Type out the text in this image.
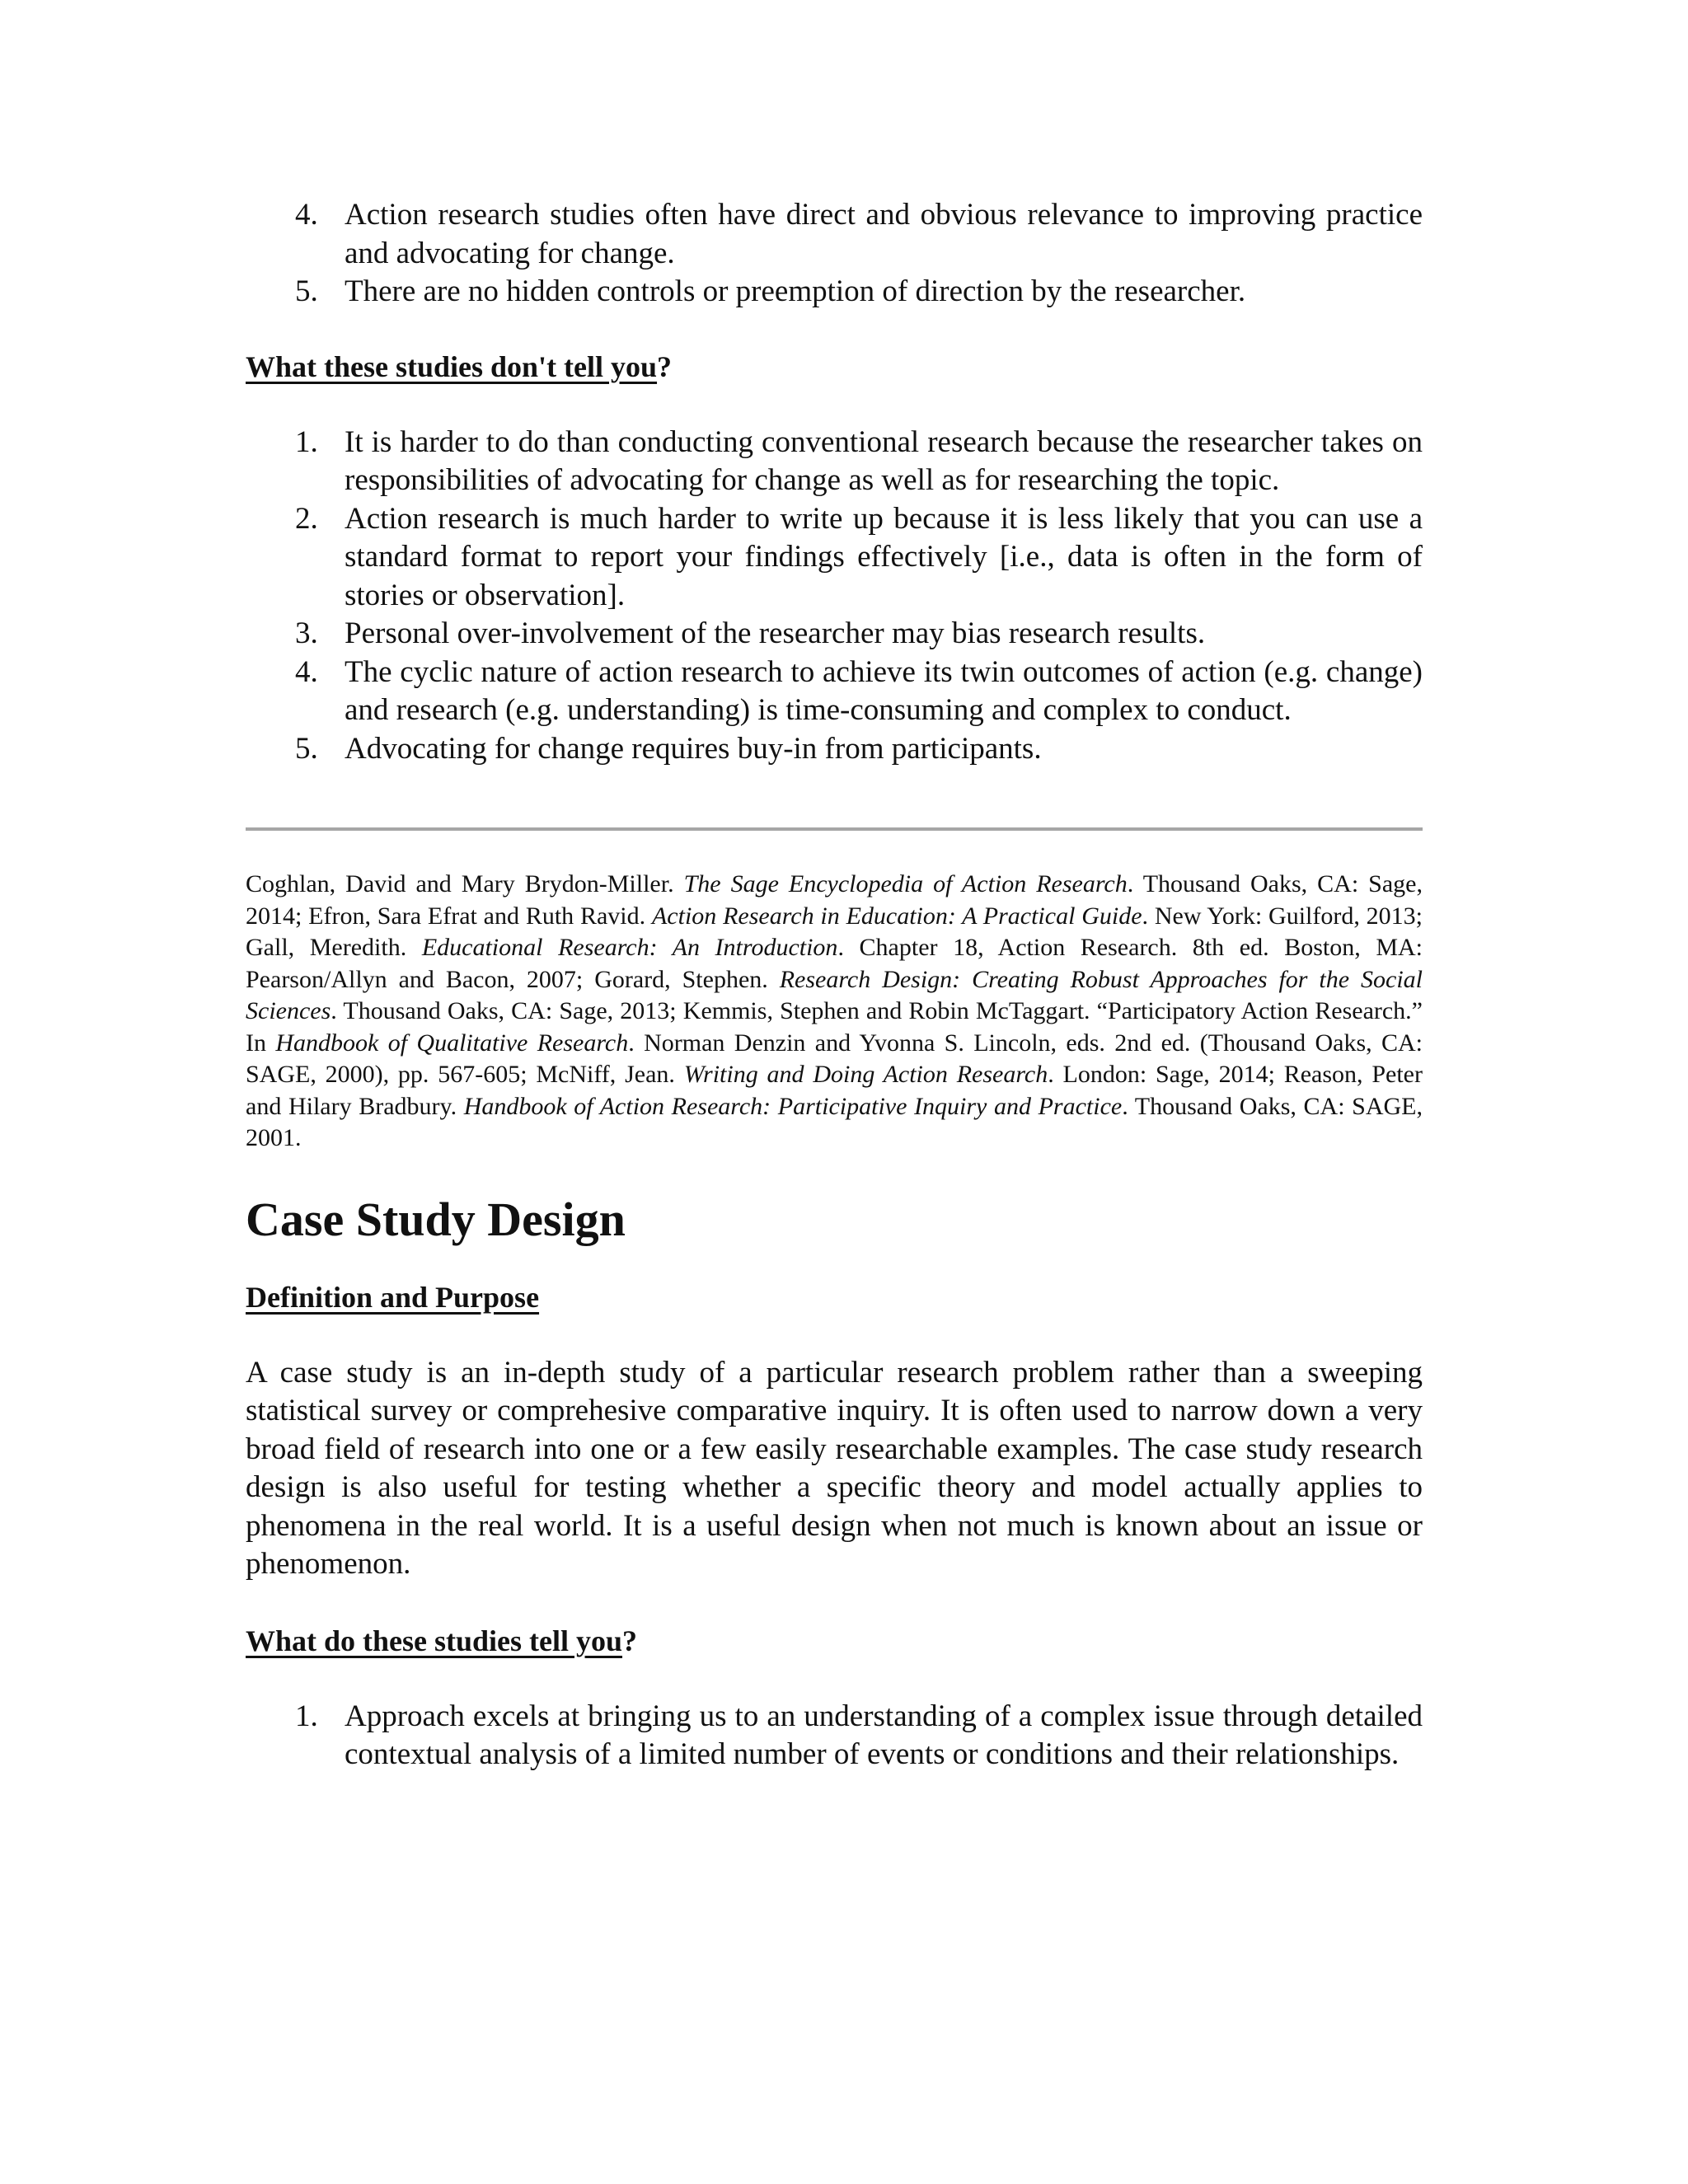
4. Action research studies often have direct and obvious relevance to improving practice and advocating for change.
5. There are no hidden controls or preemption of direction by the researcher.
What these studies don't tell you?
1. It is harder to do than conducting conventional research because the researcher takes on responsibilities of advocating for change as well as for researching the topic.
2. Action research is much harder to write up because it is less likely that you can use a standard format to report your findings effectively [i.e., data is often in the form of stories or observation].
3. Personal over-involvement of the researcher may bias research results.
4. The cyclic nature of action research to achieve its twin outcomes of action (e.g. change) and research (e.g. understanding) is time-consuming and complex to conduct.
5. Advocating for change requires buy-in from participants.
Coghlan, David and Mary Brydon-Miller. The Sage Encyclopedia of Action Research. Thousand Oaks, CA: Sage, 2014; Efron, Sara Efrat and Ruth Ravid. Action Research in Education: A Practical Guide. New York: Guilford, 2013; Gall, Meredith. Educational Research: An Introduction. Chapter 18, Action Research. 8th ed. Boston, MA: Pearson/Allyn and Bacon, 2007; Gorard, Stephen. Research Design: Creating Robust Approaches for the Social Sciences. Thousand Oaks, CA: Sage, 2013; Kemmis, Stephen and Robin McTaggart. “Participatory Action Research.” In Handbook of Qualitative Research. Norman Denzin and Yvonna S. Lincoln, eds. 2nd ed. (Thousand Oaks, CA: SAGE, 2000), pp. 567-605; McNiff, Jean. Writing and Doing Action Research. London: Sage, 2014; Reason, Peter and Hilary Bradbury. Handbook of Action Research: Participative Inquiry and Practice. Thousand Oaks, CA: SAGE, 2001.
Case Study Design
Definition and Purpose

A case study is an in-depth study of a particular research problem rather than a sweeping statistical survey or comprehesive comparative inquiry. It is often used to narrow down a very broad field of research into one or a few easily researchable examples. The case study research design is also useful for testing whether a specific theory and model actually applies to phenomena in the real world. It is a useful design when not much is known about an issue or phenomenon.

What do these studies tell you?
1. Approach excels at bringing us to an understanding of a complex issue through detailed contextual analysis of a limited number of events or conditions and their relationships.
